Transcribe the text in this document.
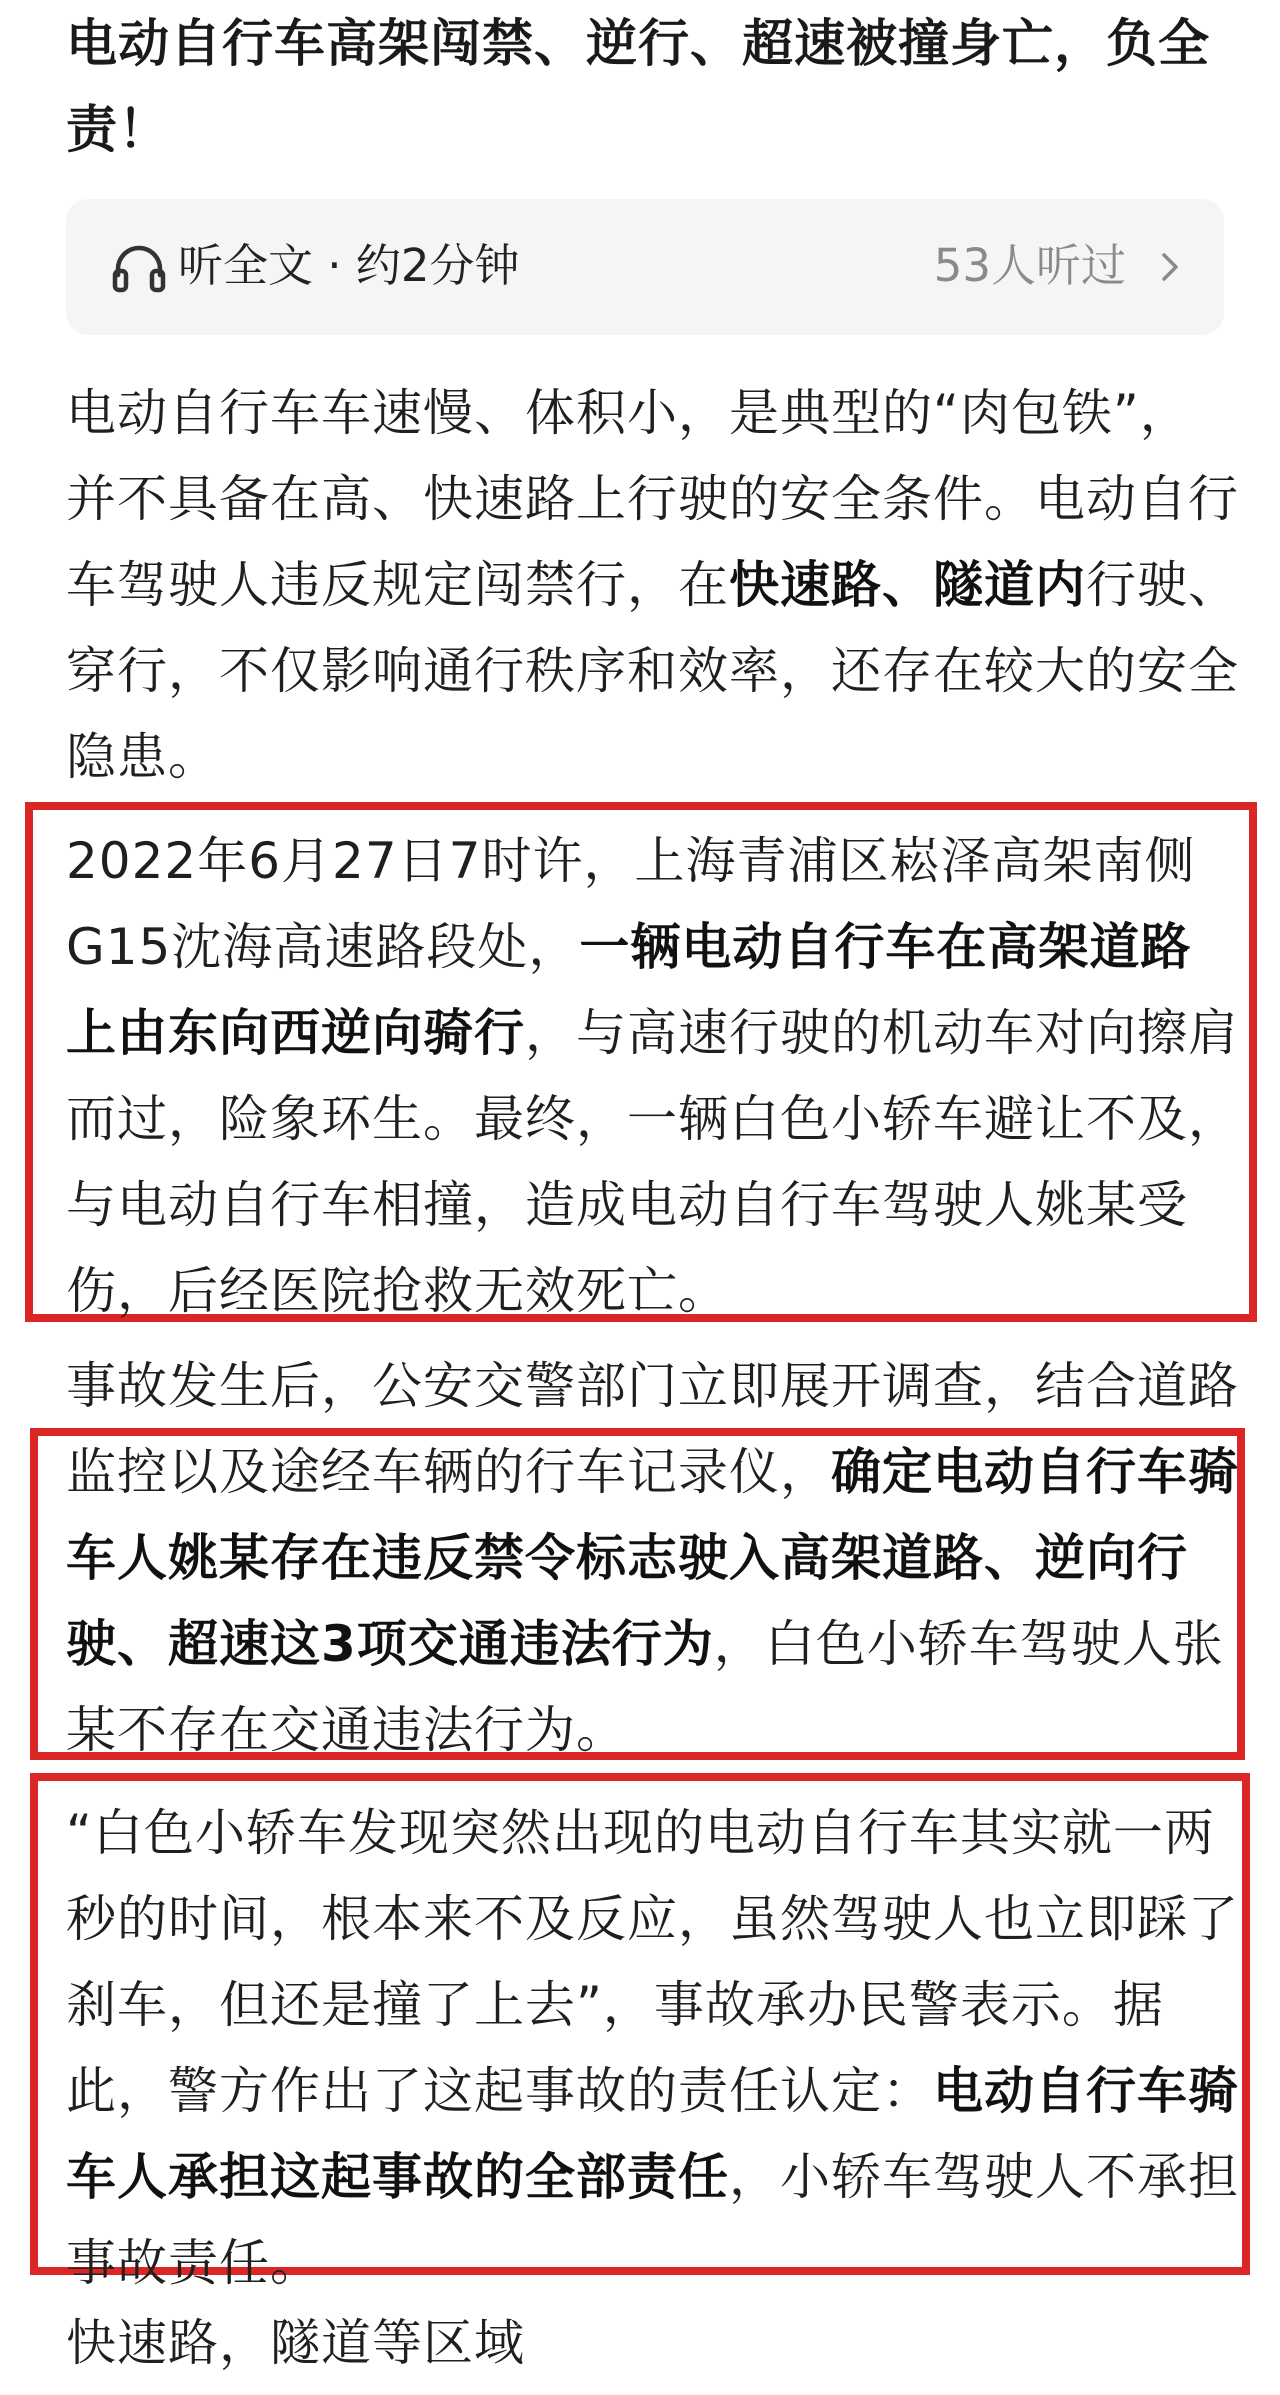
电动自行车高架闯禁、逆行、超速被撞身亡，负全责！
听全文 · 约2分钟	53人听过

电动自行车车速慢、体积小，是典型的“肉包铁”，并不具备在高、快速路上行驶的安全条件。电动自行车驾驶人违反规定闯禁行，在快速路、隧道内行驶、穿行，不仅影响通行秩序和效率，还存在较大的安全隐患。

2022年6月27日7时许，上海青浦区崧泽高架南侧G15沈海高速路段处，一辆电动自行车在高架道路上由东向西逆向骑行，与高速行驶的机动车对向擦肩而过，险象环生。最终，一辆白色小轿车避让不及，与电动自行车相撞，造成电动自行车驾驶人姚某受伤，后经医院抢救无效死亡。

事故发生后，公安交警部门立即展开调查，结合道路监控以及途经车辆的行车记录仪，确定电动自行车骑车人姚某存在违反禁令标志驶入高架道路、逆向行驶、超速这3项交通违法行为，白色小轿车驾驶人张某不存在交通违法行为。

“白色小轿车发现突然出现的电动自行车其实就一两秒的时间，根本来不及反应，虽然驾驶人也立即踩了刹车，但还是撞了上去”，事故承办民警表示。据此，警方作出了这起事故的责任认定：电动自行车骑车人承担这起事故的全部责任，小轿车驾驶人不承担事故责任。

快速路，隧道等区域
